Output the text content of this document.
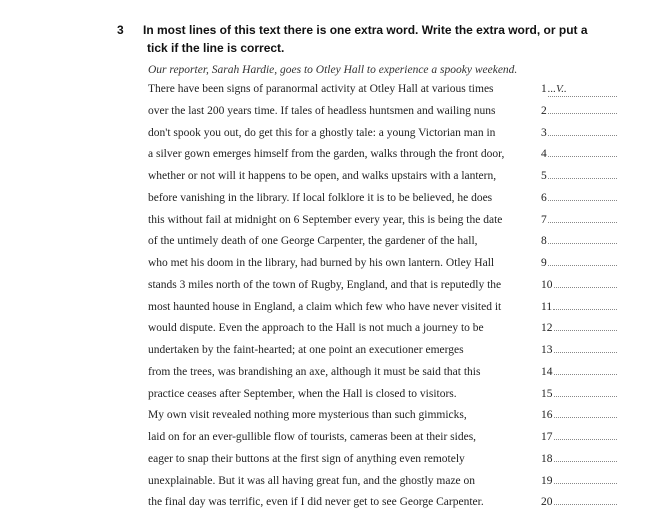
3	In most lines of this text there is one extra word. Write the extra word, or put a
tick if the line is correct.
Our reporter, Sarah Hardie, goes to Otley Hall to experience a spooky weekend.
There have been signs of paranormal activity at Otley Hall at various times	1 ...V..
over the last 200 years time. If tales of headless huntsmen and wailing nuns	2
don't spook you out, do get this for a ghostly tale: a young Victorian man in	3
a silver gown emerges himself from the garden, walks through the front door,	4
whether or not will it happens to be open, and walks upstairs with a lantern,	5
before vanishing in the library. If local folklore it is to be believed, he does	6
this without fail at midnight on 6 September every year, this is being the date	7
of the untimely death of one George Carpenter, the gardener of the hall,	8
who met his doom in the library, had burned by his own lantern. Otley Hall	9
stands 3 miles north of the town of Rugby, England, and that is reputedly the	10
most haunted house in England, a claim which few who have never visited it	11
would dispute. Even the approach to the Hall is not much a journey to be	12
undertaken by the faint-hearted; at one point an executioner emerges	13
from the trees, was brandishing an axe, although it must be said that this	14
practice ceases after September, when the Hall is closed to visitors.	15
My own visit revealed nothing more mysterious than such gimmicks,	16
laid on for an ever-gullible flow of tourists, cameras been at their sides,	17
eager to snap their buttons at the first sign of anything even remotely	18
unexplainable. But it was all having great fun, and the ghostly maze on	19
the final day was terrific, even if I did never get to see George Carpenter.	20
